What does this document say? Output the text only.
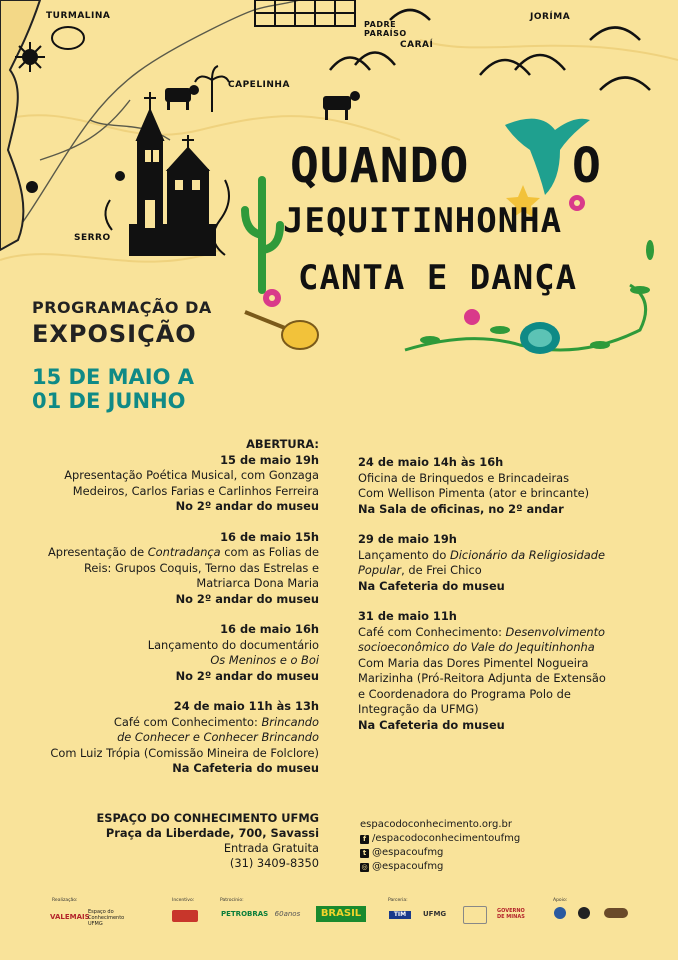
TURMALINA	JORÍMA
PADRE PARAÍSO
CARAÍ
CAPELINHA
SERRO
QUANDO O
JEQUITINHONHA
CANTA E DANÇA
PROGRAMAÇÃO DA
EXPOSIÇÃO
15 DE MAIO A
01 DE JUNHO
ABERTURA:
15 de maio 19h
Apresentação Poética Musical, com Gonzaga
Medeiros, Carlos Farias e Carlinhos Ferreira
No 2º andar do museu
16 de maio 15h
Apresentação de Contradança com as Folias de
Reis: Grupos Coquis, Terno das Estrelas e
Matriarca Dona Maria
No 2º andar do museu
16 de maio 16h
Lançamento do documentário
Os Meninos e o Boi
No 2º andar do museu
24 de maio 11h às 13h
Café com Conhecimento: Brincando
de Conhecer e Conhecer Brincando
Com Luiz Trópia (Comissão Mineira de Folclore)
Na Cafeteria do museu
24 de maio 14h às 16h
Oficina de Brinquedos e Brincadeiras
Com Wellison Pimenta (ator e brincante)
Na Sala de oficinas, no 2º andar
29 de maio 19h
Lançamento do Dicionário da Religiosidade
Popular, de Frei Chico
Na Cafeteria do museu
31 de maio 11h
Café com Conhecimento: Desenvolvimento
socioeconômico do Vale do Jequitinhonha
Com Maria das Dores Pimentel Nogueira
Marizinha (Pró-Reitora Adjunta de Extensão
e Coordenadora do Programa Polo de
Integração da UFMG)
Na Cafeteria do museu
ESPAÇO DO CONHECIMENTO UFMG
Praça da Liberdade, 700, Savassi
Entrada Gratuita
(31) 3409-8350
espacodoconhecimento.org.br
f /espacodoconhecimentoufmg
t @espacoufmg
◎ @espacoufmg
Realização:	Incentivo:	Patrocínio:	Parceria:	Apoio:
VALEMAIS
Espaço do Conhecimento UFMG
PETROBRAS 60anos	BRASIL	TIM	UFMG	GOVERNO DE MINAS
